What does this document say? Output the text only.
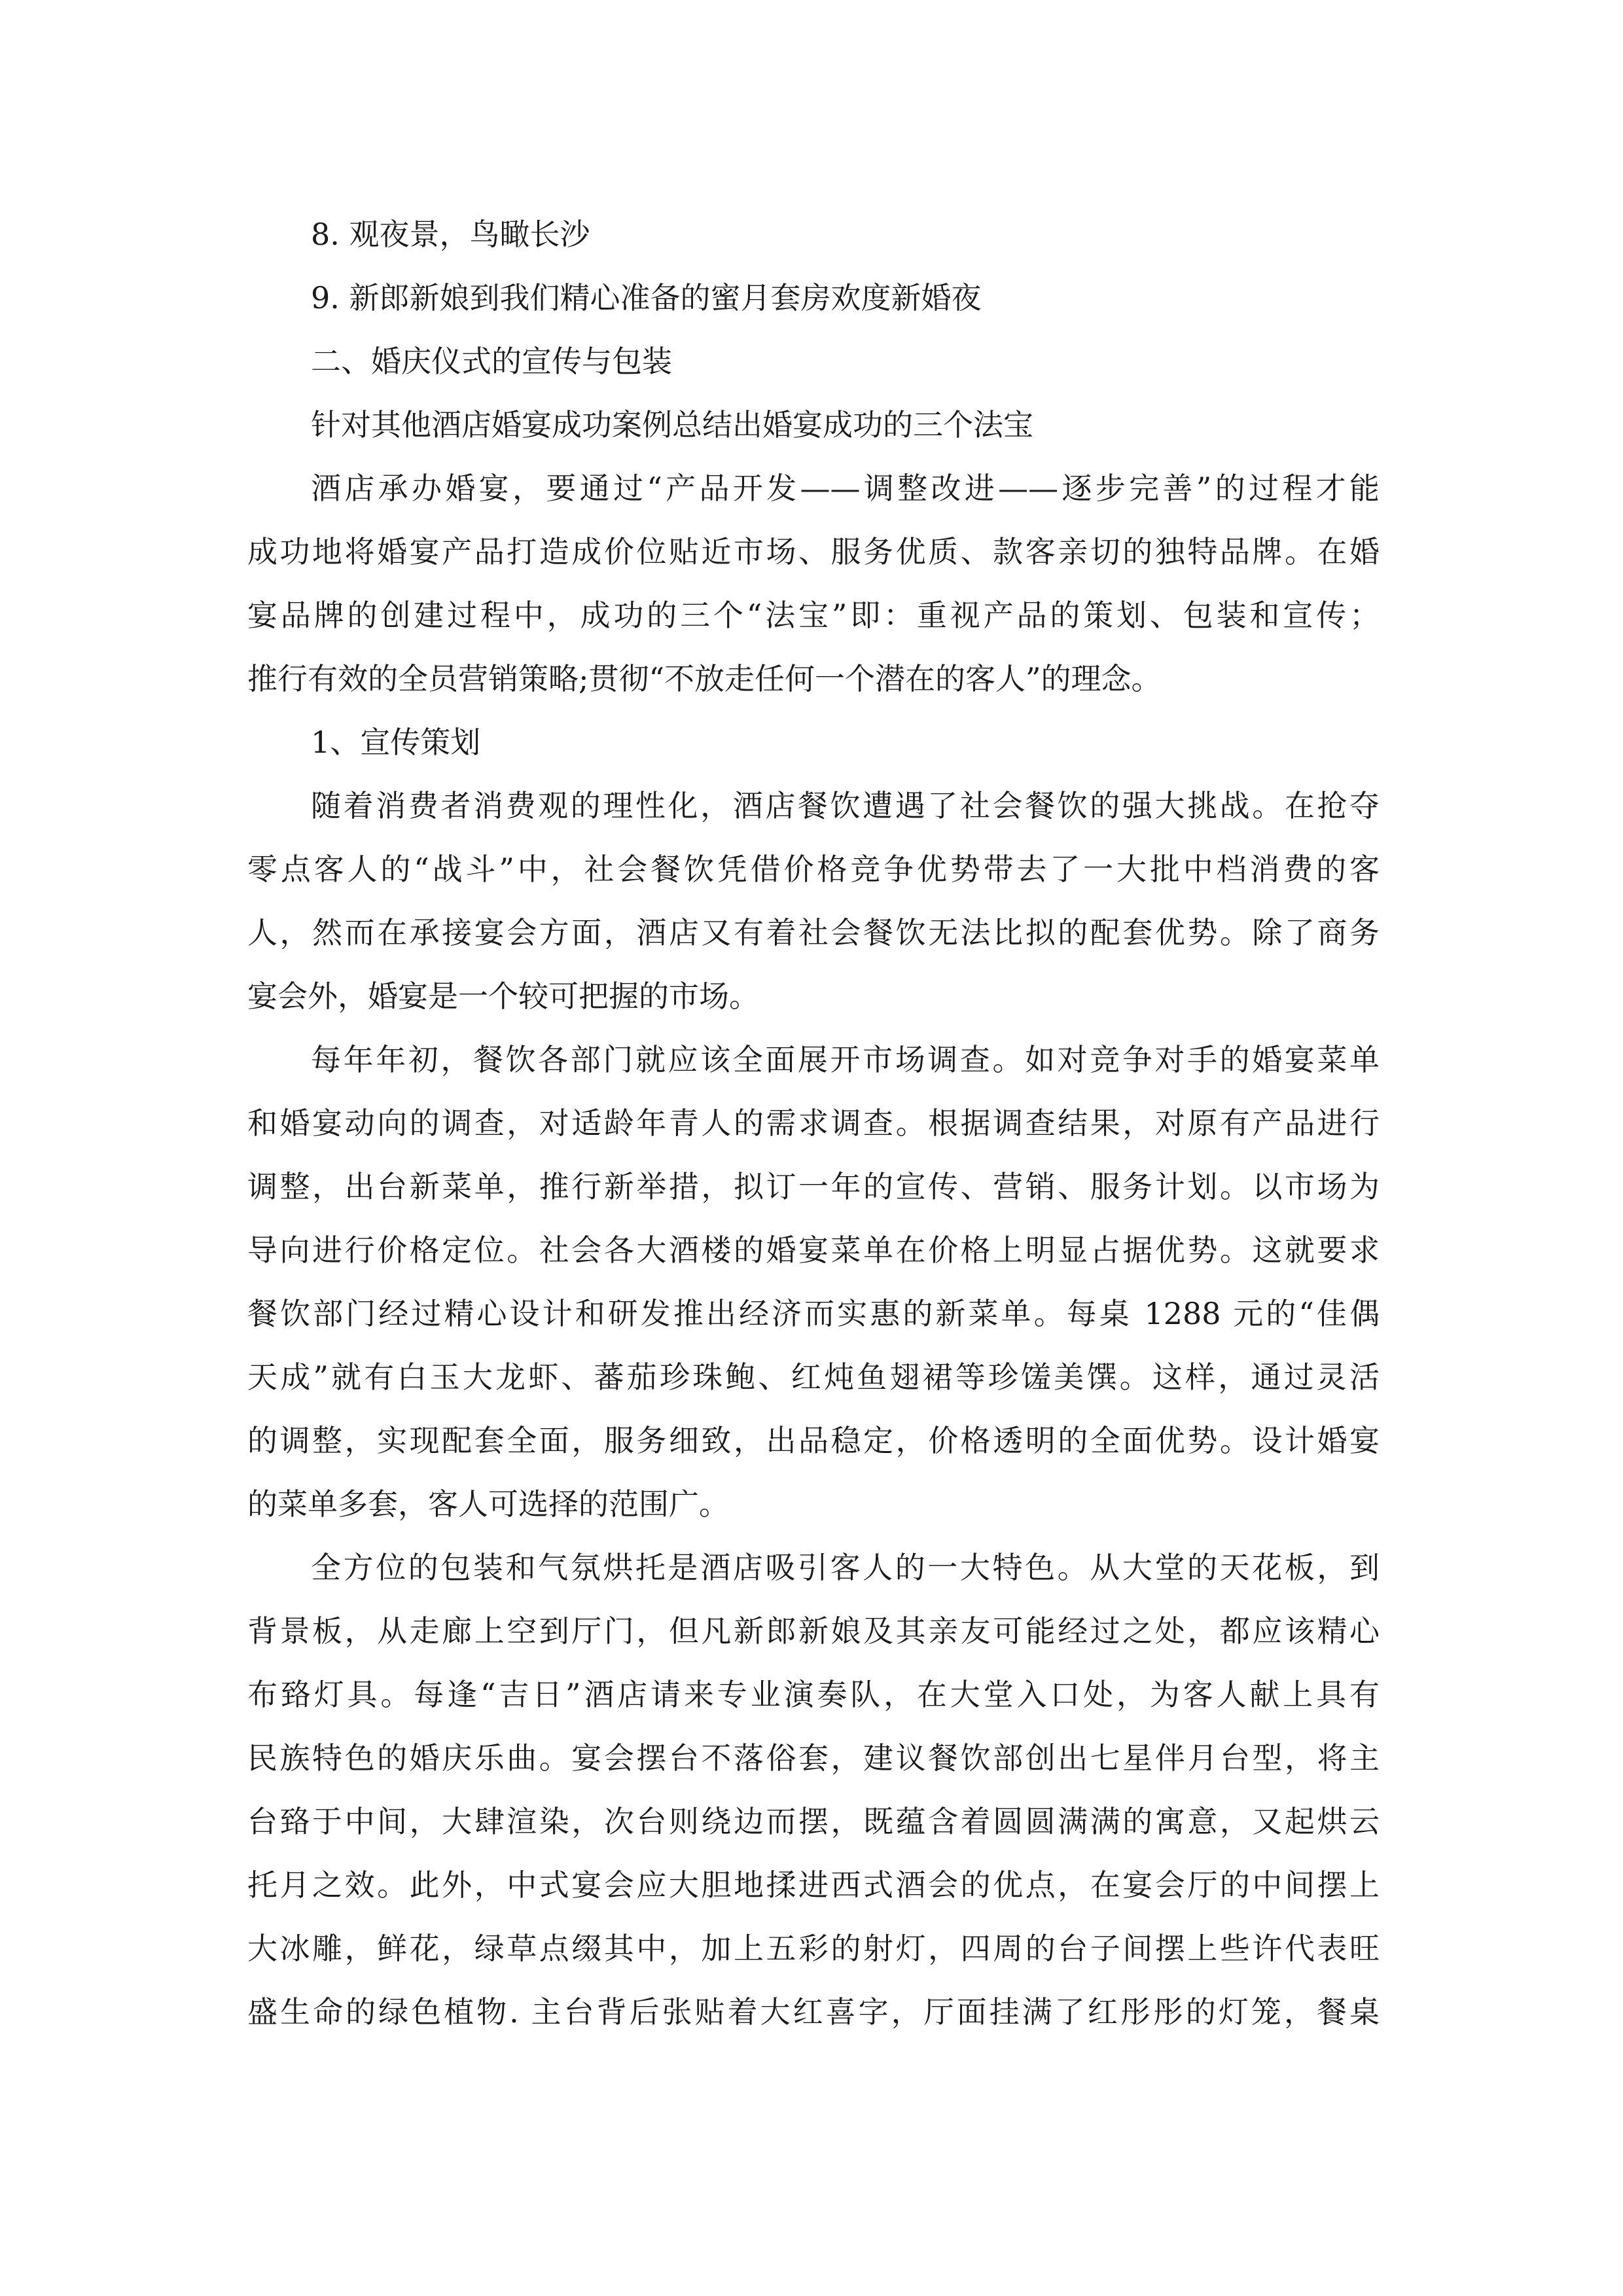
8. 观夜景，鸟瞰长沙
9. 新郎新娘到我们精心准备的蜜月套房欢度新婚夜
二、婚庆仪式的宣传与包装
针对其他酒店婚宴成功案例总结出婚宴成功的三个法宝
酒店承办婚宴，要通过“产品开发——调整改进——逐步完善”的过程才能
成功地将婚宴产品打造成价位贴近市场、服务优质、款客亲切的独特品牌。在婚
宴品牌的创建过程中，成功的三个“法宝”即：重视产品的策划、包装和宣传；
推行有效的全员营销策略;贯彻“不放走任何一个潜在的客人”的理念。
1、宣传策划
随着消费者消费观的理性化，酒店餐饮遭遇了社会餐饮的强大挑战。在抢夺
零点客人的“战斗”中，社会餐饮凭借价格竞争优势带去了一大批中档消费的客
人，然而在承接宴会方面，酒店又有着社会餐饮无法比拟的配套优势。除了商务
宴会外，婚宴是一个较可把握的市场。
每年年初，餐饮各部门就应该全面展开市场调查。如对竞争对手的婚宴菜单
和婚宴动向的调查，对适龄年青人的需求调查。根据调查结果，对原有产品进行
调整，出台新菜单，推行新举措，拟订一年的宣传、营销、服务计划。以市场为
导向进行价格定位。社会各大酒楼的婚宴菜单在价格上明显占据优势。这就要求
餐饮部门经过精心设计和研发推出经济而实惠的新菜单。每桌 1288 元的“佳偶
天成”就有白玉大龙虾、蕃茄珍珠鲍、红炖鱼翅裙等珍馐美馔。这样，通过灵活
的调整，实现配套全面，服务细致，出品稳定，价格透明的全面优势。设计婚宴
的菜单多套，客人可选择的范围广。
全方位的包装和气氛烘托是酒店吸引客人的一大特色。从大堂的天花板，到
背景板，从走廊上空到厅门，但凡新郎新娘及其亲友可能经过之处，都应该精心
布臵灯具。每逢“吉日”酒店请来专业演奏队，在大堂入口处，为客人献上具有
民族特色的婚庆乐曲。宴会摆台不落俗套，建议餐饮部创出七星伴月台型，将主
台臵于中间，大肆渲染，次台则绕边而摆，既蕴含着圆圆满满的寓意，又起烘云
托月之效。此外，中式宴会应大胆地揉进西式酒会的优点，在宴会厅的中间摆上
大冰雕，鲜花，绿草点缀其中，加上五彩的射灯，四周的台子间摆上些许代表旺
盛生命的绿色植物. 主台背后张贴着大红喜字，厅面挂满了红彤彤的灯笼，餐桌
